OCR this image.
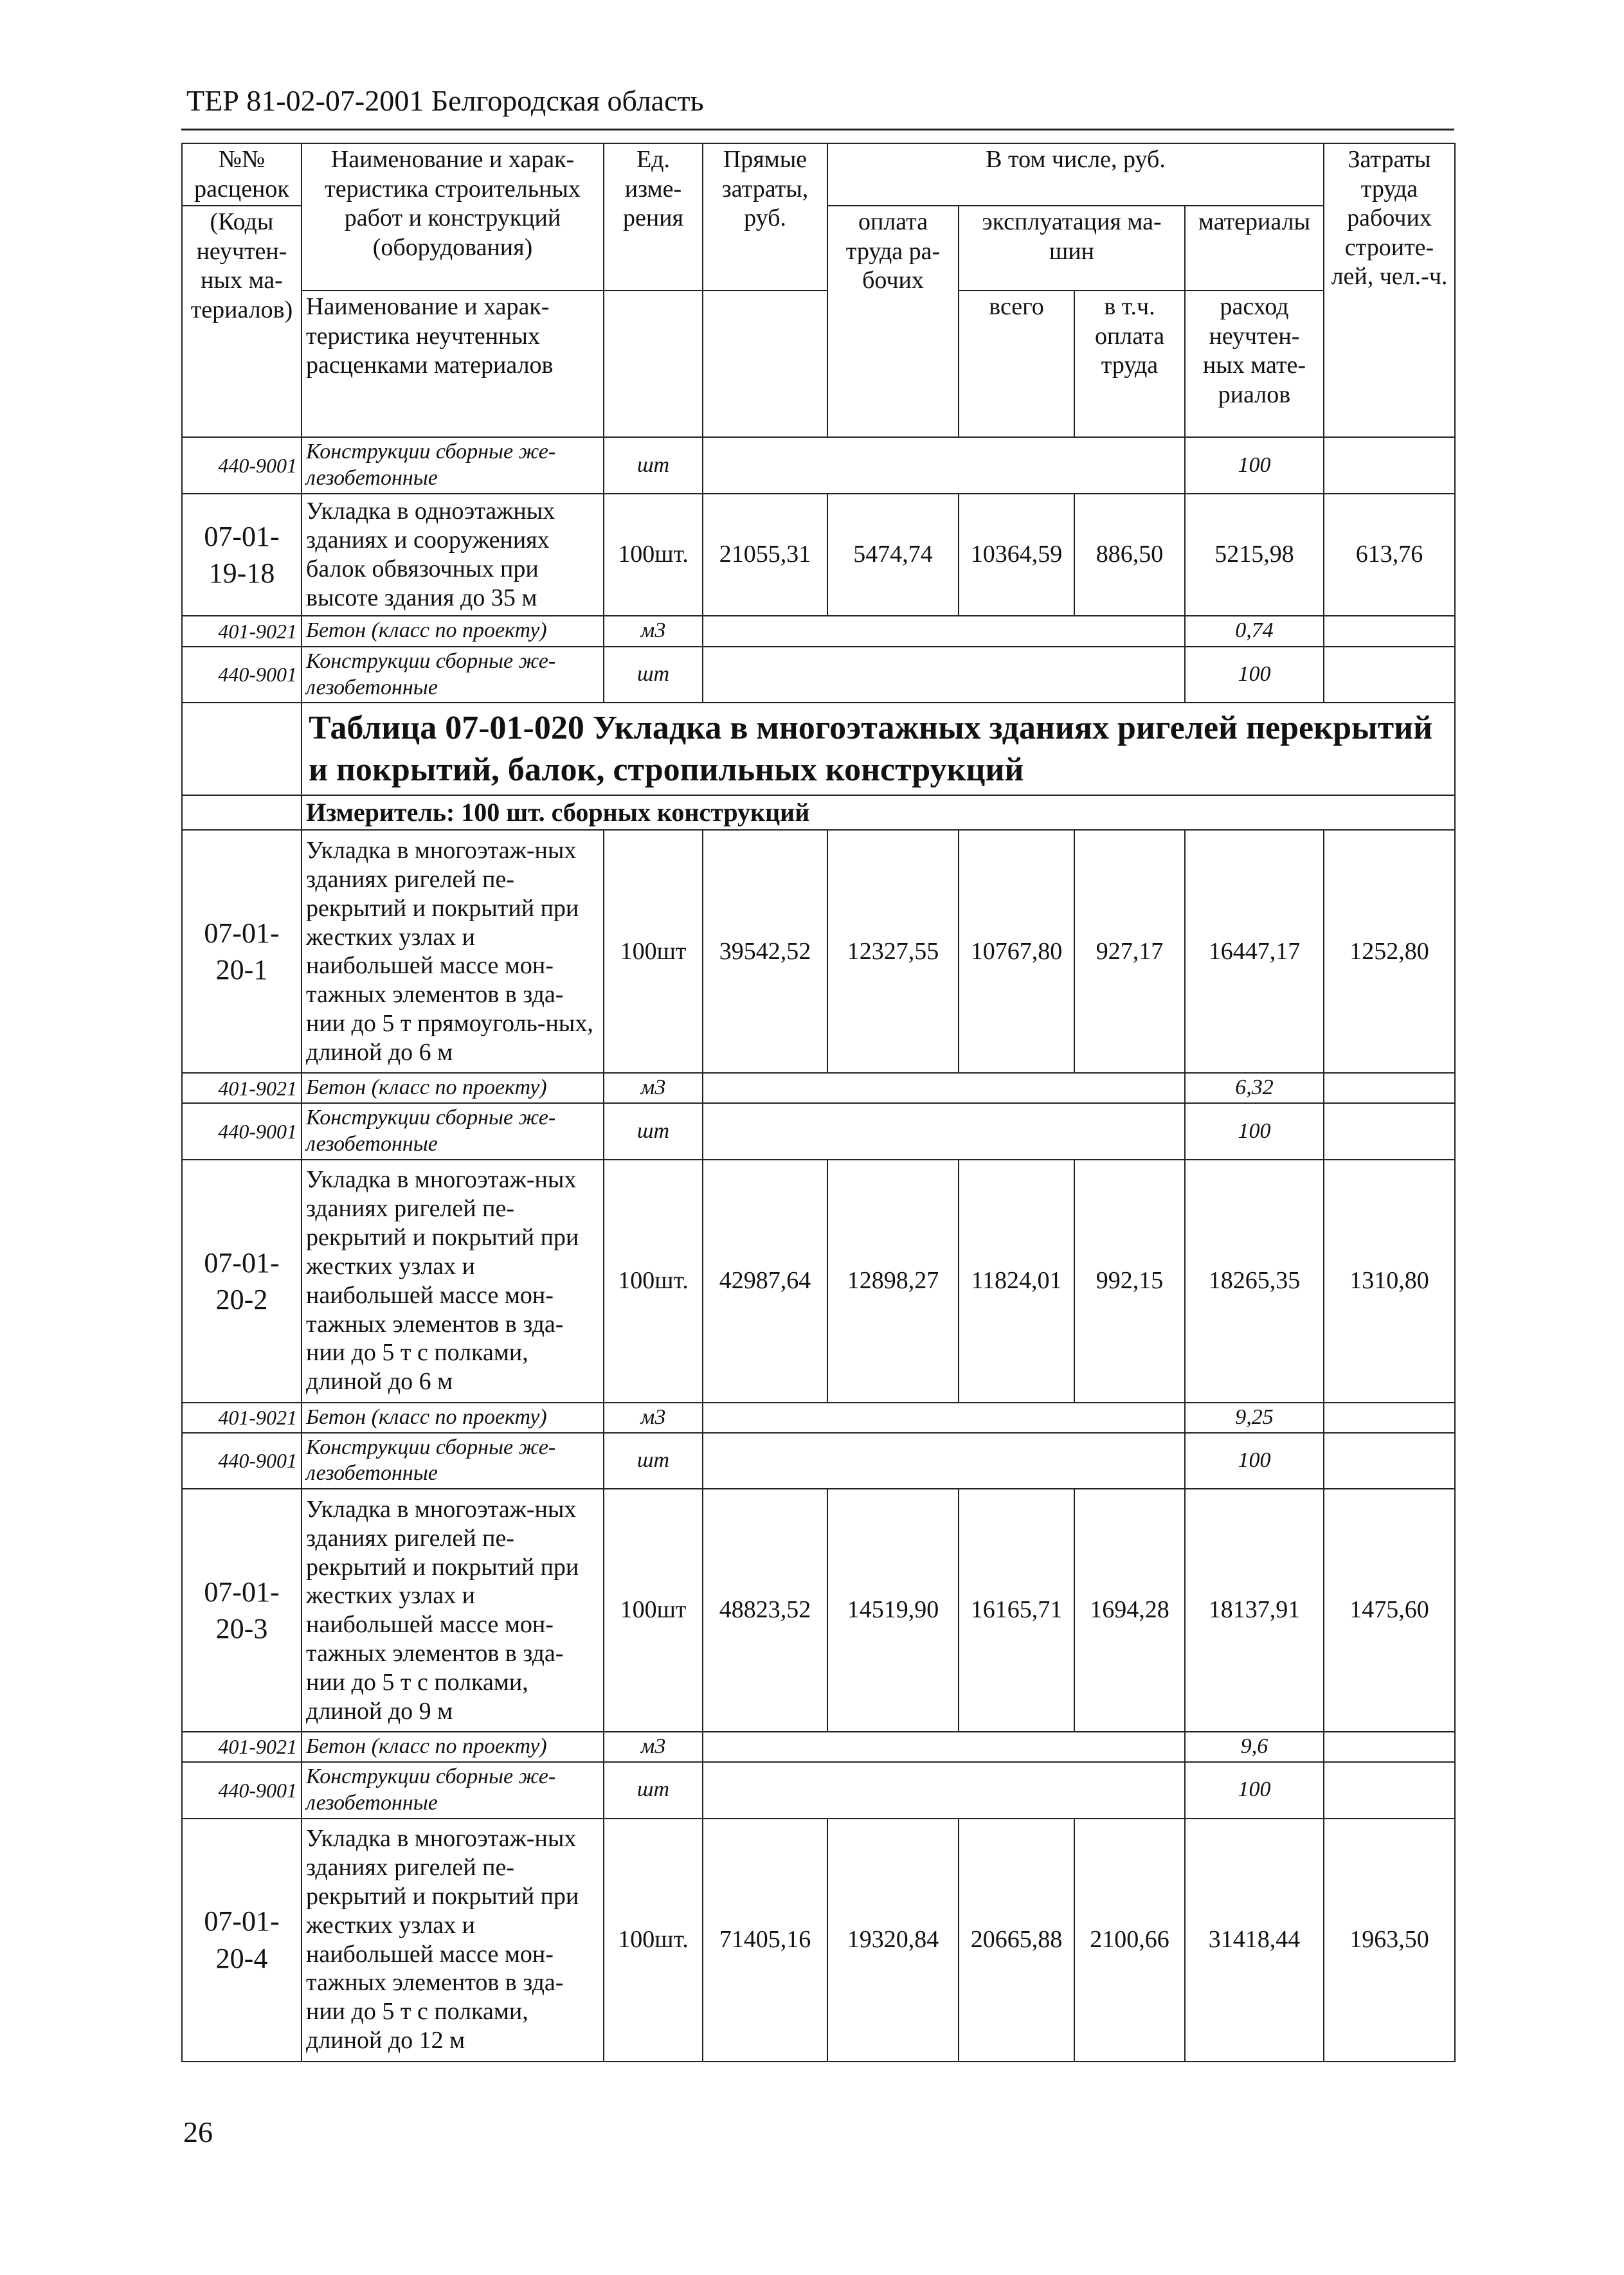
ТЕР 81-02-07-2001 Белгородская область
№№ расценок	Наименование и харак-теристика строительных работ и конструкций (оборудования)	Ед. изме-рения	Прямые затраты, руб.	В том числе, руб.				Затраты труда рабочих строите-лей, чел.-ч.
(Коды неучтен-ных ма-териалов)				оплата труда ра-бочих	эксплуатация ма-шин		материалы	
	Наименование и харак-теристика неучтенных расценками материалов				всего	в т.ч. оплата труда	расход неучтен-ных мате-риалов	
440-9001	Конструкции сборные же-лезобетонные	шт					100	
07-01-19-18	Укладка в одноэтажных зданиях и сооружениях балок обвязочных при высоте здания до 35 м	100шт.	21055,31	5474,74	10364,59	886,50	5215,98	613,76
401-9021	Бетон (класс по проекту)	м3					0,74	
440-9001	Конструкции сборные же-лезобетонные	шт					100	
	Таблица 07-01-020 Укладка в многоэтажных зданиях ригелей перекрытий и покрытий, балок, стропильных конструкций							
	Измеритель: 100 шт. сборных конструкций							
07-01-20-1	Укладка в многоэтаж-ных зданиях ригелей пе-рекрытий и покрытий при жестких узлах и наибольшей массе мон-тажных элементов в зда-нии до 5 т прямоуголь-ных, длиной до 6 м	100шт	39542,52	12327,55	10767,80	927,17	16447,17	1252,80
401-9021	Бетон (класс по проекту)	м3					6,32	
440-9001	Конструкции сборные же-лезобетонные	шт					100	
07-01-20-2	Укладка в многоэтаж-ных зданиях ригелей пе-рекрытий и покрытий при жестких узлах и наибольшей массе мон-тажных элементов в зда-нии до 5 т с полками, длиной до 6 м	100шт.	42987,64	12898,27	11824,01	992,15	18265,35	1310,80
401-9021	Бетон (класс по проекту)	м3					9,25	
440-9001	Конструкции сборные же-лезобетонные	шт					100	
07-01-20-3	Укладка в многоэтаж-ных зданиях ригелей пе-рекрытий и покрытий при жестких узлах и наибольшей массе мон-тажных элементов в зда-нии до 5 т с полками, длиной до 9 м	100шт	48823,52	14519,90	16165,71	1694,28	18137,91	1475,60
401-9021	Бетон (класс по проекту)	м3					9,6	
440-9001	Конструкции сборные же-лезобетонные	шт					100	
07-01-20-4	Укладка в многоэтаж-ных зданиях ригелей пе-рекрытий и покрытий при жестких узлах и наибольшей массе мон-тажных элементов в зда-нии до 5 т с полками, длиной до 12 м	100шт.	71405,16	19320,84	20665,88	2100,66	31418,44	1963,50
26
